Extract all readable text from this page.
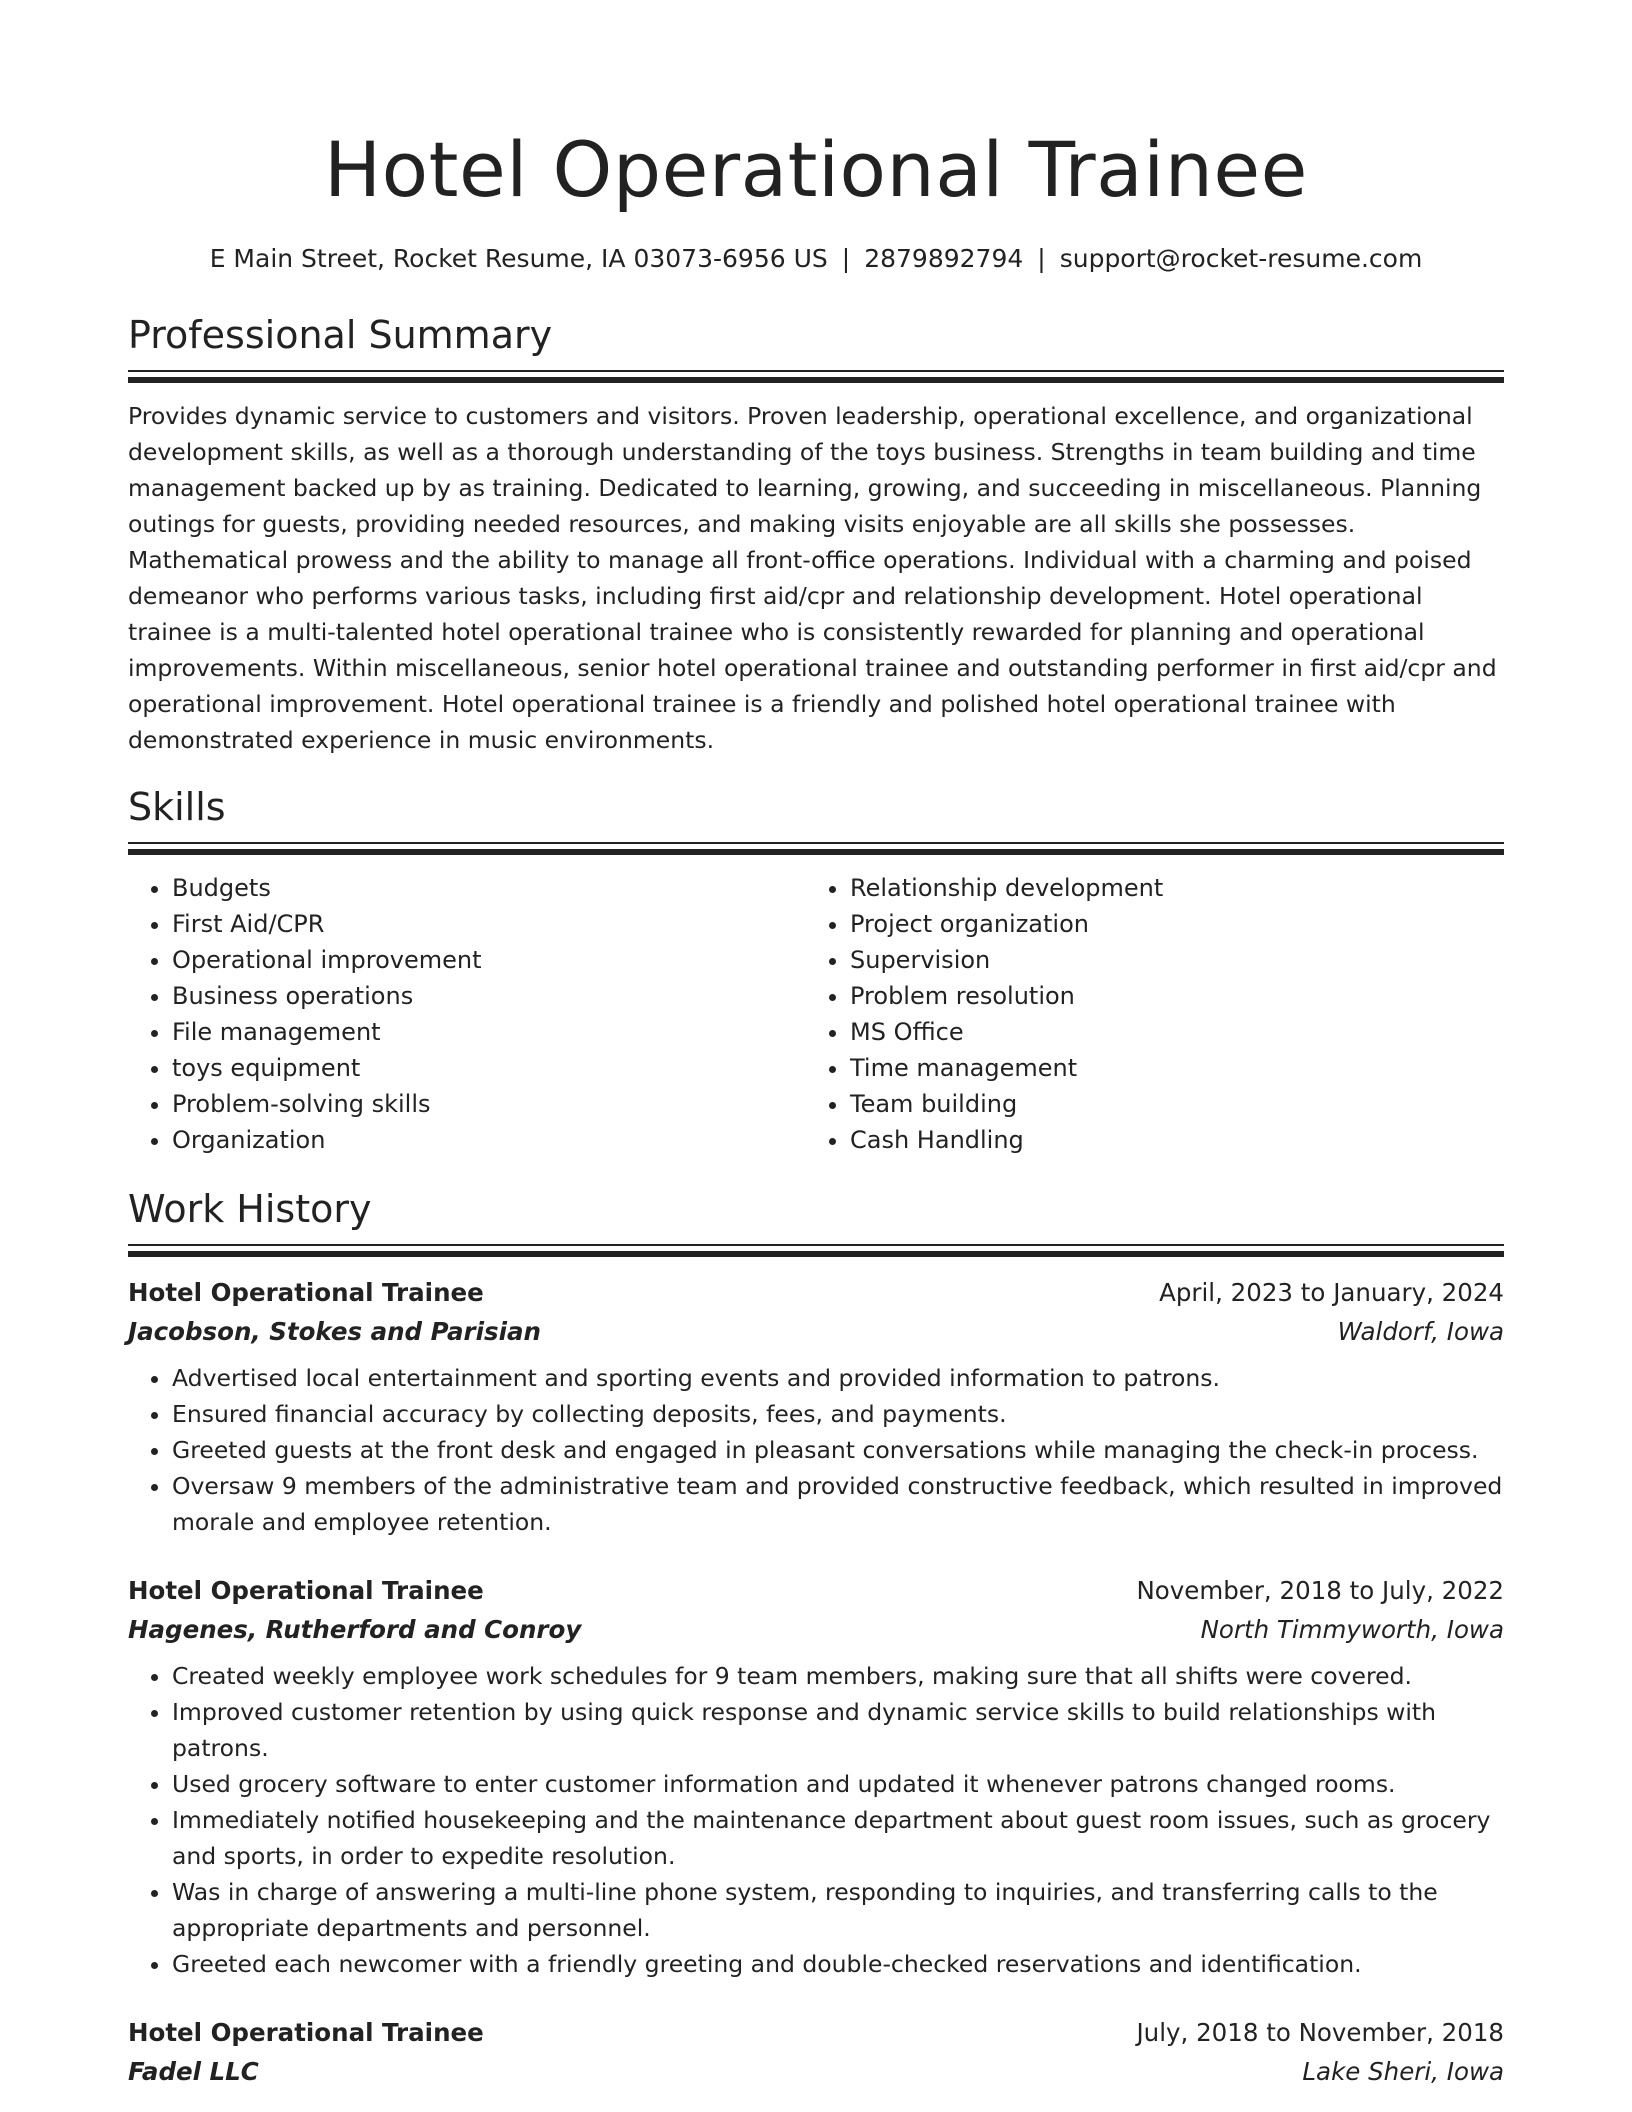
Hotel Operational Trainee
E Main Street, Rocket Resume, IA 03073-6956 US | 2879892794 | support@rocket-resume.com
Professional Summary

Provides dynamic service to customers and visitors. Proven leadership, operational excellence, and organizational development skills, as well as a thorough understanding of the toys business. Strengths in team building and time management backed up by as training. Dedicated to learning, growing, and succeeding in miscellaneous. Planning outings for guests, providing needed resources, and making visits enjoyable are all skills she possesses. Mathematical prowess and the ability to manage all front-office operations. Individual with a charming and poised demeanor who performs various tasks, including first aid/cpr and relationship development. Hotel operational trainee is a multi-talented hotel operational trainee who is consistently rewarded for planning and operational improvements. Within miscellaneous, senior hotel operational trainee and outstanding performer in first aid/cpr and operational improvement. Hotel operational trainee is a friendly and polished hotel operational trainee with demonstrated experience in music environments.

Skills
• Budgets
• First Aid/CPR
• Operational improvement
• Business operations
• File management
• toys equipment
• Problem-solving skills
• Organization
• Relationship development
• Project organization
• Supervision
• Problem resolution
• MS Office
• Time management
• Team building
• Cash Handling
Work History
Hotel Operational Trainee	April, 2023 to January, 2024
Jacobson, Stokes and Parisian	Waldorf, Iowa
• Advertised local entertainment and sporting events and provided information to patrons.
• Ensured financial accuracy by collecting deposits, fees, and payments.
• Greeted guests at the front desk and engaged in pleasant conversations while managing the check-in process.
• Oversaw 9 members of the administrative team and provided constructive feedback, which resulted in improved morale and employee retention.
Hotel Operational Trainee	November, 2018 to July, 2022
Hagenes, Rutherford and Conroy	North Timmyworth, Iowa
• Created weekly employee work schedules for 9 team members, making sure that all shifts were covered.
• Improved customer retention by using quick response and dynamic service skills to build relationships with patrons.
• Used grocery software to enter customer information and updated it whenever patrons changed rooms.
• Immediately notified housekeeping and the maintenance department about guest room issues, such as grocery and sports, in order to expedite resolution.
• Was in charge of answering a multi-line phone system, responding to inquiries, and transferring calls to the appropriate departments and personnel.
• Greeted each newcomer with a friendly greeting and double-checked reservations and identification.
Hotel Operational Trainee	July, 2018 to November, 2018
Fadel LLC	Lake Sheri, Iowa
